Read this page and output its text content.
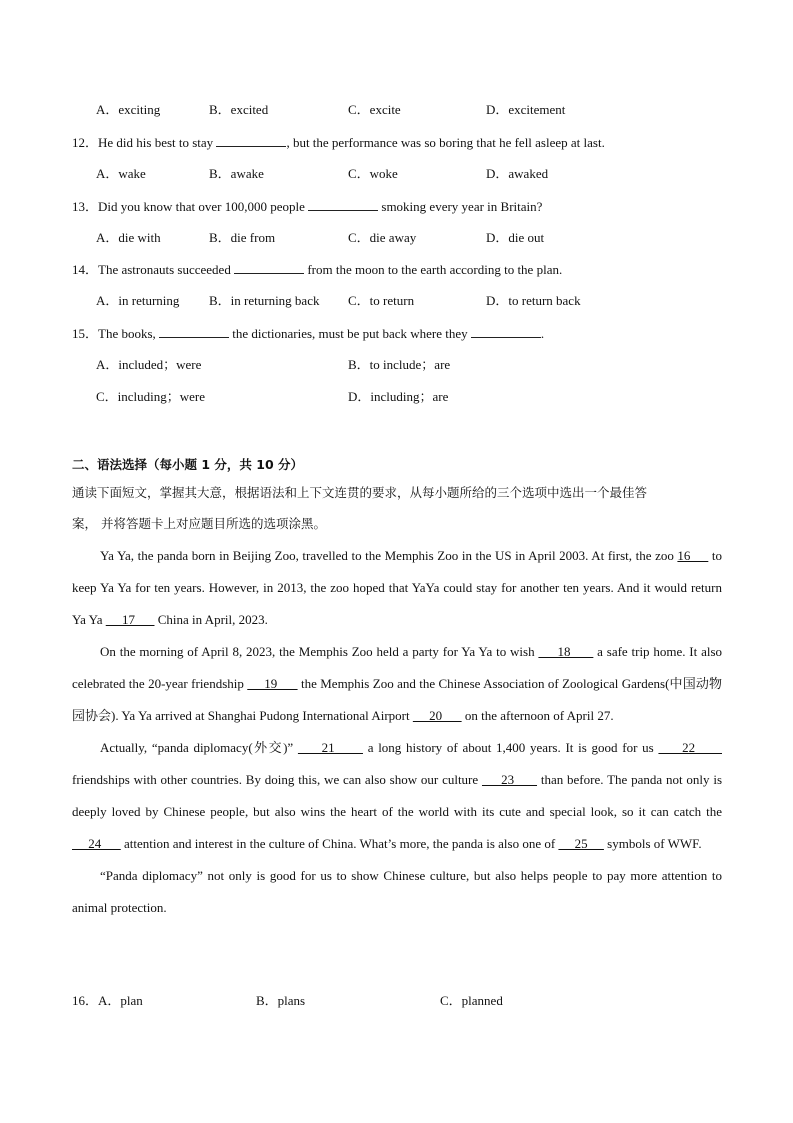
A．exciting	B．excited	C．excite	D．excitement
12．He did his best to stay	, but the performance was so boring that he fell asleep at last.
A．wake	B．awake	C．woke	D．awaked
13．Did you know that over 100,000 people	smoking every year in Britain?
A．die with	B．die from	C．die away	D．die out
14．The astronauts succeeded	from the moon to the earth according to the plan.
A．in returning B．in returning back C．to return	D．to return back
15．The books,	the dictionaries, must be put back where they	.
A．included；were	B．to include；are
C．including；were	D．including；are
二、语法选择（每小题 1 分，共 10 分）
通读下面短文，掌握其大意，根据语法和上下文连贯的要求，从每小题所给的三个选项中选出一个最佳答
案， 并将答题卡上对应题目所选的选项涂黑。

Ya Ya, the panda born in Beijing Zoo, travelled to the Memphis Zoo in the US in April 2003. At first, the zoo 16      to keep Ya Ya for ten years. However, in 2013, the zoo hoped that YaYa could stay for another ten years. And it would return Ya Ya      17       China in April, 2023.

On the morning of April 8, 2023, the Memphis Zoo held a party for Ya Ya to wish      18       a safe trip home. It also celebrated the 20-year friendship      19       the Memphis Zoo and the Chinese Association of Zoological Gardens(中国动物园协会). Ya Ya arrived at Shanghai Pudong International Airport      20       on the afternoon of April 27.

Actually, “panda diplomacy(外交)”      21       a long history of about 1,400 years. It is good for us      22       friendships with other countries. By doing this, we can also show our culture      23       than before. The panda not only is deeply loved by Chinese people, but also wins the heart of the world with its cute and special look, so it can catch the      24       attention and interest in the culture of China. What’s more, the panda is also one of      25      symbols of WWF.

“Panda diplomacy” not only is good for us to show Chinese culture, but also helps people to pay more attention to animal protection.

16．A．plan	B．plans	C．planned
